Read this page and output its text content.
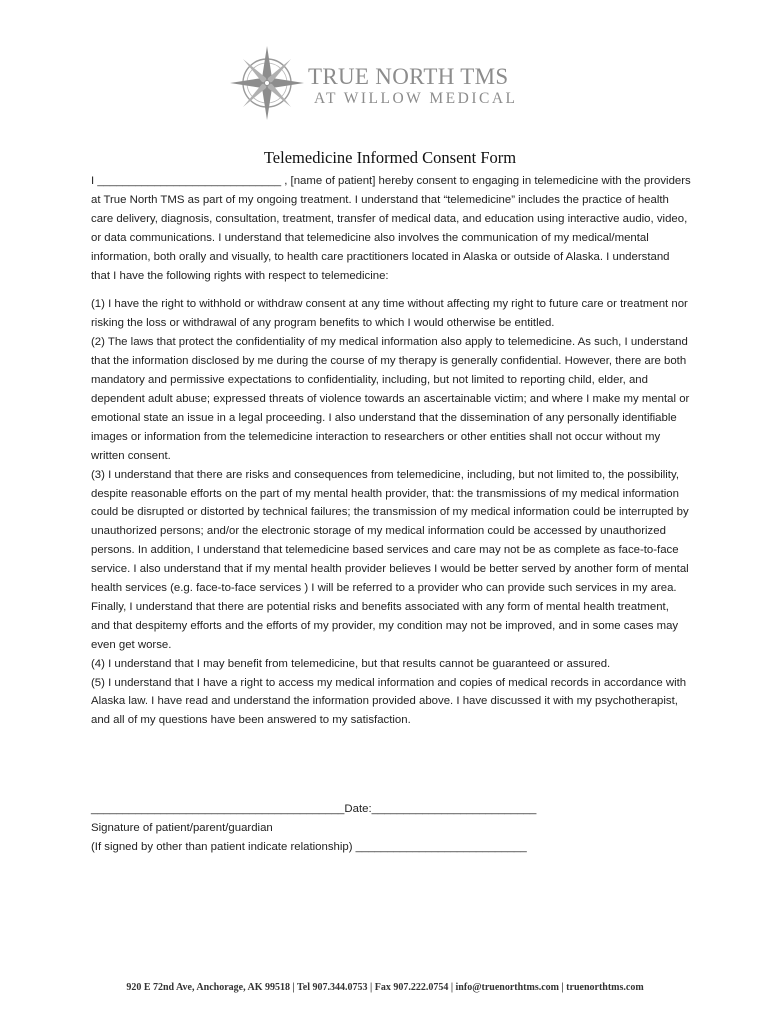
TRUE NORTH TMS
AT WILLOW MEDICAL
Telemedicine Informed Consent Form

I _____________________________ , [name of patient] hereby consent to engaging in telemedicine with the providers at True North TMS as part of my ongoing treatment. I understand that “telemedicine” includes the practice of health care delivery, diagnosis, consultation, treatment, transfer of medical data, and education using interactive audio, video, or data communications. I understand that telemedicine also involves the communication of my medical/mental information, both orally and visually, to health care practitioners located in Alaska or outside of Alaska. I understand that I have the following rights with respect to telemedicine:

(1) I have the right to withhold or withdraw consent at any time without affecting my right to future care or treatment nor risking the loss or withdrawal of any program benefits to which I would otherwise be entitled.

(2) The laws that protect the confidentiality of my medical information also apply to telemedicine. As such, I understand that the information disclosed by me during the course of my therapy is generally confidential. However, there are both mandatory and permissive expectations to confidentiality, including, but not limited to reporting child, elder, and dependent adult abuse; expressed threats of violence towards an ascertainable victim; and where I make my mental or emotional state an issue in a legal proceeding. I also understand that the dissemination of any personally identifiable images or information from the telemedicine interaction to researchers or other entities shall not occur without my written consent.

(3) I understand that there are risks and consequences from telemedicine, including, but not limited to, the possibility, despite reasonable efforts on the part of my mental health provider, that: the transmissions of my medical information could be disrupted or distorted by technical failures; the transmission of my medical information could be interrupted by unauthorized persons; and/or the electronic storage of my medical information could be accessed by unauthorized persons. In addition, I understand that telemedicine based services and care may not be as complete as face-to-face service. I also understand that if my mental health provider believes I would be better served by another form of mental health services (e.g. face-to-face services ) I will be referred to a provider who can provide such services in my area. Finally, I understand that there are potential risks and benefits associated with any form of mental health treatment, and that despitemy efforts and the efforts of my provider, my condition may not be improved, and in some cases may even get worse.

(4) I understand that I may benefit from telemedicine, but that results cannot be guaranteed or assured.

(5) I understand that I have a right to access my medical information and copies of medical records in accordance with Alaska law. I have read and understand the information provided above. I have discussed it with my psychotherapist, and all of my questions have been answered to my satisfaction.

________________________________________Date:__________________________
Signature of patient/parent/guardian
(If signed by other than patient indicate relationship) ___________________________
920 E 72nd Ave, Anchorage, AK 99518 | Tel 907.344.0753 | Fax 907.222.0754 | info@truenorthtms.com | truenorthtms.com
